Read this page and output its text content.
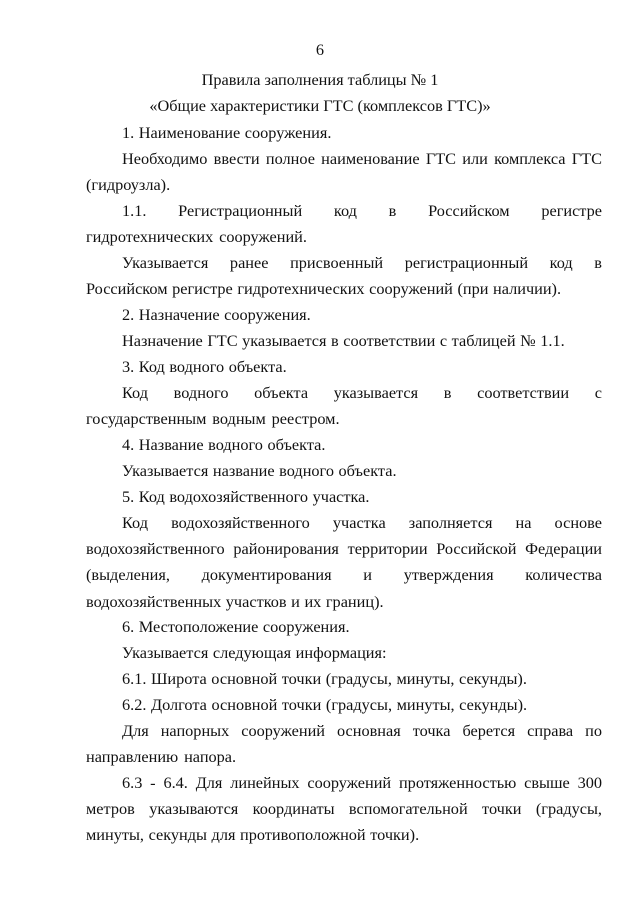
6
Правила заполнения таблицы № 1
«Общие характеристики ГТС (комплексов ГТС)»
1. Наименование сооружения.
Необходимо ввести полное наименование ГТС или комплекса ГТС (гидроузла).
1.1. Регистрационный код в Российском регистре гидротехнических сооружений.
Указывается ранее присвоенный регистрационный код в Российском регистре гидротехнических сооружений (при наличии).
2. Назначение сооружения.
Назначение ГТС указывается в соответствии с таблицей № 1.1.
3. Код водного объекта.
Код водного объекта указывается в соответствии с государственным водным реестром.
4. Название водного объекта.
Указывается название водного объекта.
5. Код водохозяйственного участка.
Код водохозяйственного участка заполняется на основе водохозяйственного районирования территории Российской Федерации (выделения, документирования и утверждения количества водохозяйственных участков и их границ).
6. Местоположение сооружения.
Указывается следующая информация:
6.1. Широта основной точки (градусы, минуты, секунды).
6.2. Долгота основной точки (градусы, минуты, секунды).
Для напорных сооружений основная точка берется справа по направлению напора.
6.3 - 6.4. Для линейных сооружений протяженностью свыше 300 метров указываются координаты вспомогательной точки (градусы, минуты, секунды для противоположной точки).
